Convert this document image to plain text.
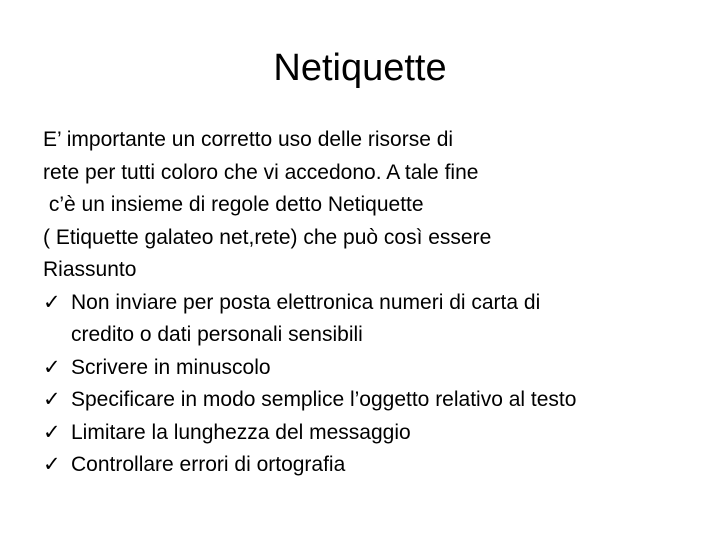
Netiquette
E’ importante un corretto uso delle risorse di
rete per tutti coloro che vi accedono. A tale fine
c’è un insieme di regole detto Netiquette
( Etiquette galateo net,rete) che può così essere
Riassunto
✓ Non inviare per posta elettronica numeri di carta di
credito o dati personali sensibili
✓ Scrivere in minuscolo
✓ Specificare in modo semplice l’oggetto relativo al testo
✓ Limitare la lunghezza del messaggio
✓ Controllare errori di ortografia
